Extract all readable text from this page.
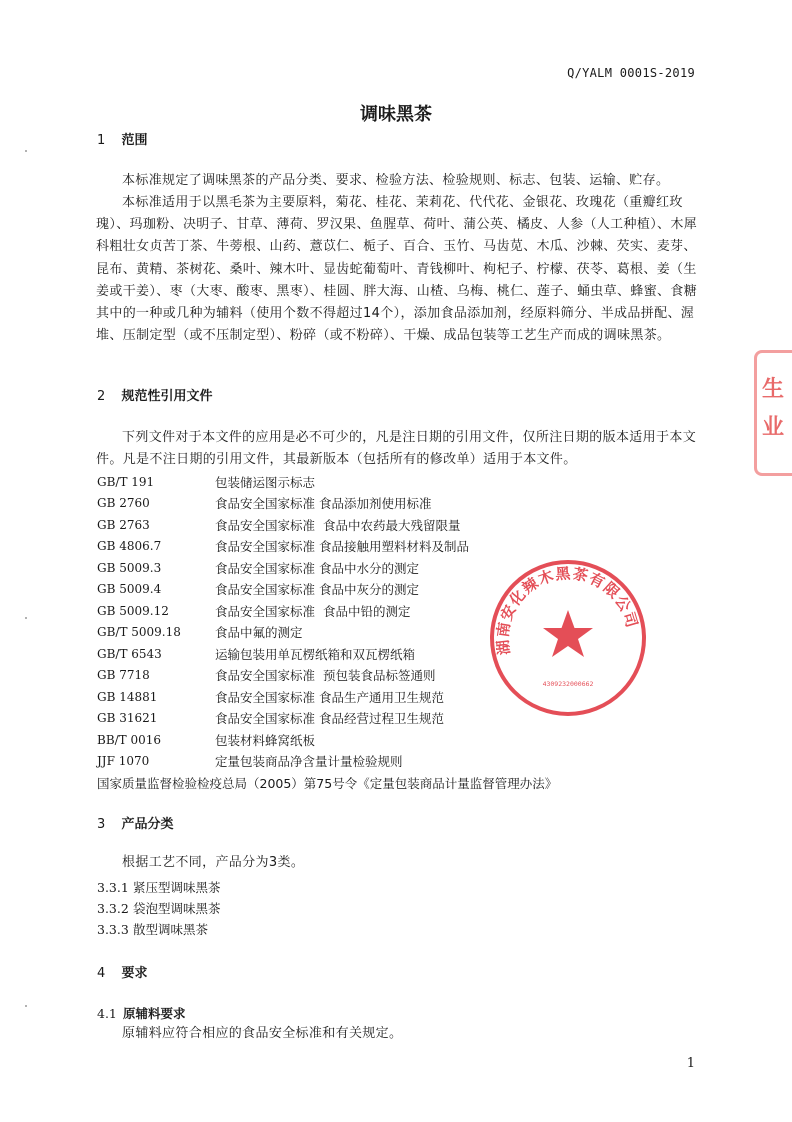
Q/YALM 0001S-2019
调味黑茶
1 范围
本标准规定了调味黑茶的产品分类、要求、检验方法、检验规则、标志、包装、运输、贮存。
本标准适用于以黑毛茶为主要原料，菊花、桂花、茉莉花、代代花、金银花、玫瑰花（重瓣红玫瑰）、玛珈粉、决明子、甘草、薄荷、罗汉果、鱼腥草、荷叶、蒲公英、橘皮、人参（人工种植）、木犀科粗壮女贞苦丁茶、牛蒡根、山药、薏苡仁、栀子、百合、玉竹、马齿苋、木瓜、沙棘、芡实、麦芽、昆布、黄精、茶树花、桑叶、辣木叶、显齿蛇葡萄叶、青钱柳叶、枸杞子、柠檬、茯苓、葛根、姜（生姜或干姜）、枣（大枣、酸枣、黑枣）、桂圆、胖大海、山楂、乌梅、桃仁、莲子、蛹虫草、蜂蜜、食糖其中的一种或几种为辅料（使用个数不得超过14个），添加食品添加剂，经原料筛分、半成品拼配、渥堆、压制定型（或不压制定型）、粉碎（或不粉碎）、干燥、成品包装等工艺生产而成的调味黑茶。
2 规范性引用文件
下列文件对于本文件的应用是必不可少的，凡是注日期的引用文件，仅所注日期的版本适用于本文件。凡是不注日期的引用文件，其最新版本（包括所有的修改单）适用于本文件。
GB/T 191	包装储运图示标志
GB 2760	食品安全国家标准 食品添加剂使用标准
GB 2763	食品安全国家标准  食品中农药最大残留限量
GB 4806.7	食品安全国家标准 食品接触用塑料材料及制品
GB 5009.3	食品安全国家标准 食品中水分的测定
GB 5009.4	食品安全国家标准 食品中灰分的测定
GB 5009.12	食品安全国家标准  食品中铅的测定
GB/T 5009.18	食品中氟的测定
GB/T 6543	运输包装用单瓦楞纸箱和双瓦楞纸箱
GB 7718	食品安全国家标准  预包装食品标签通则
GB 14881	食品安全国家标准 食品生产通用卫生规范
GB 31621	食品安全国家标准 食品经营过程卫生规范
BB/T 0016	包装材料蜂窝纸板
JJF 1070	定量包装商品净含量计量检验规则
国家质量监督检验检疫总局（2005）第75号令《定量包装商品计量监督管理办法》
3 产品分类
根据工艺不同，产品分为3类。
3.3.1 紧压型调味黑茶
3.3.2 袋泡型调味黑茶
3.3.3 散型调味黑茶
4 要求
4.1 原辅料要求
原辅料应符合相应的食品安全标准和有关规定。
湖南安化辣木黑茶有限公司
4309232000662
生
业
1
